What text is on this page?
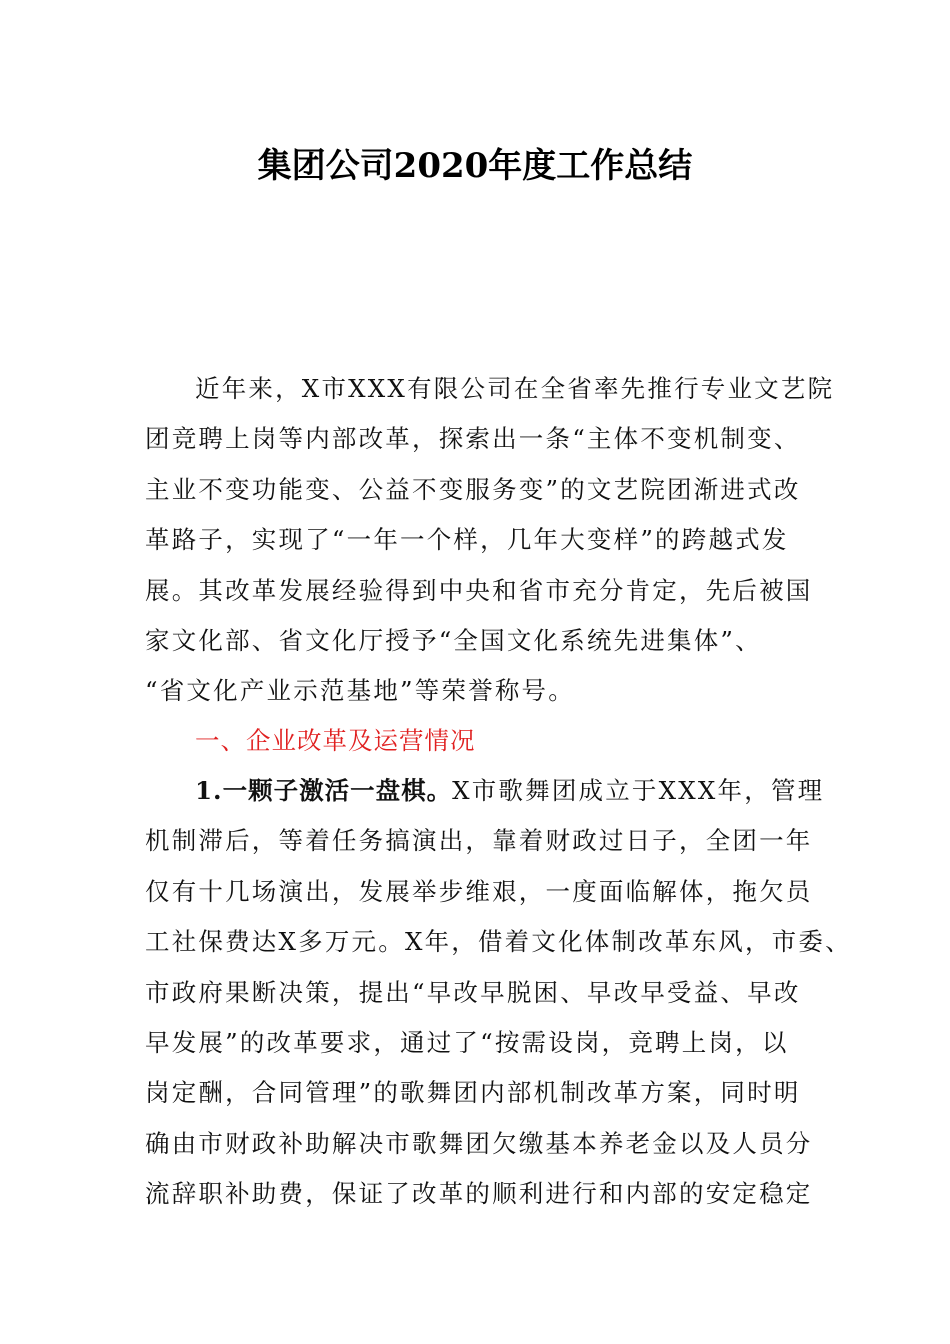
集团公司2020年度工作总结
近年来，X市XXX有限公司在全省率先推行专业文艺院
团竞聘上岗等内部改革，探索出一条“主体不变机制变、
主业不变功能变、公益不变服务变”的文艺院团渐进式改
革路子，实现了“一年一个样，几年大变样”的跨越式发
展。其改革发展经验得到中央和省市充分肯定，先后被国
家文化部、省文化厅授予“全国文化系统先进集体”、
“省文化产业示范基地”等荣誉称号。
一、企业改革及运营情况
1.一颗子激活一盘棋。X市歌舞团成立于XXX年，管理
机制滞后，等着任务搞演出，靠着财政过日子，全团一年
仅有十几场演出，发展举步维艰，一度面临解体，拖欠员
工社保费达X多万元。X年，借着文化体制改革东风，市委、
市政府果断决策，提出“早改早脱困、早改早受益、早改
早发展”的改革要求，通过了“按需设岗，竞聘上岗，以
岗定酬，合同管理”的歌舞团内部机制改革方案，同时明
确由市财政补助解决市歌舞团欠缴基本养老金以及人员分
流辞职补助费，保证了改革的顺利进行和内部的安定稳定
